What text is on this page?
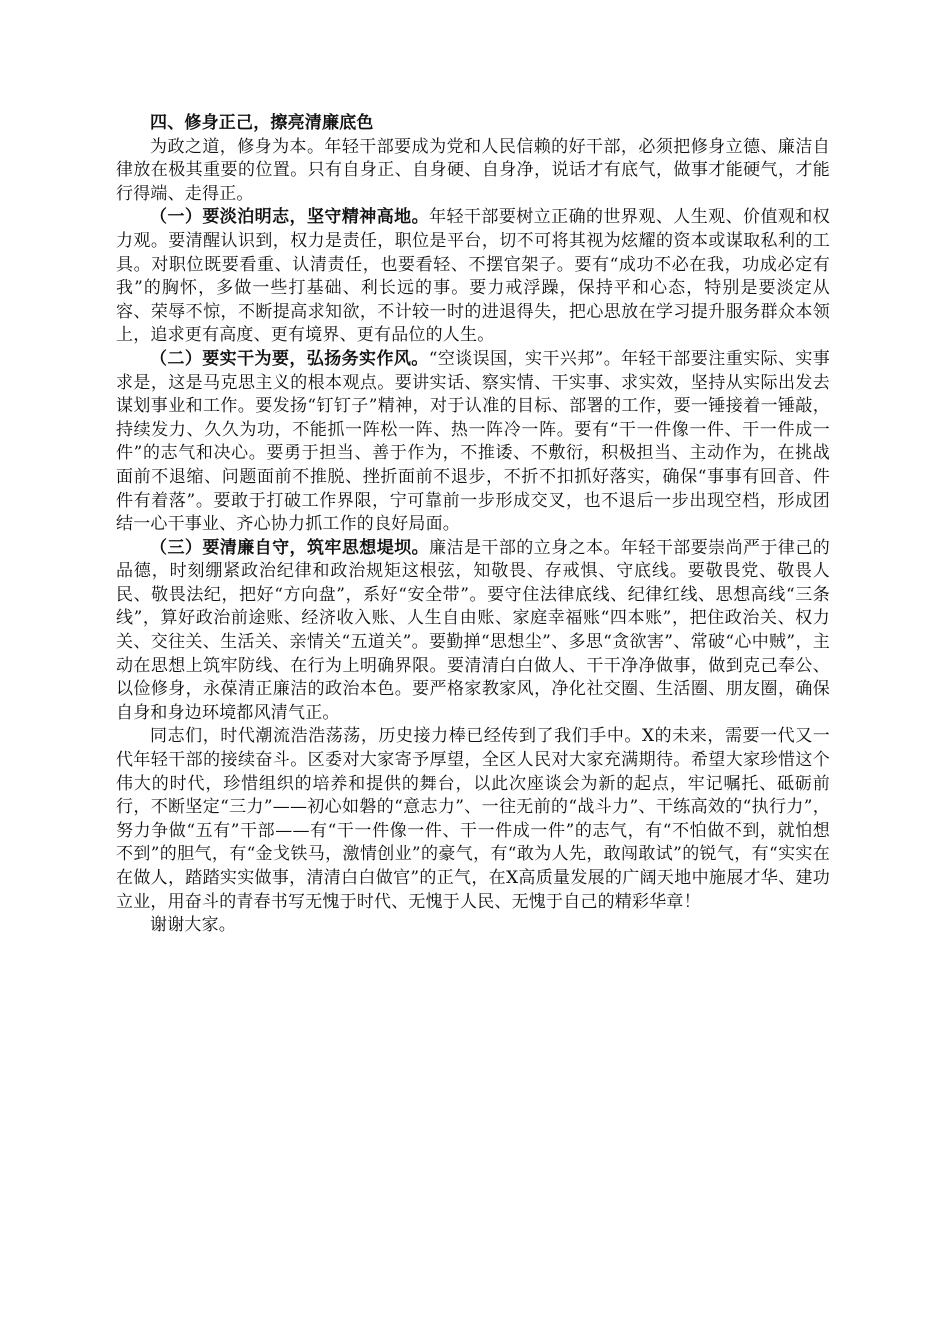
四、修身正己，擦亮清廉底色

为政之道，修身为本。年轻干部要成为党和人民信赖的好干部，必须把修身立德、廉洁自律放在极其重要的位置。只有自身正、自身硬、自身净，说话才有底气，做事才能硬气，才能行得端、走得正。

（一）要淡泊明志，坚守精神高地。年轻干部要树立正确的世界观、人生观、价值观和权力观。要清醒认识到，权力是责任，职位是平台，切不可将其视为炫耀的资本或谋取私利的工具。对职位既要看重、认清责任，也要看轻、不摆官架子。要有“成功不必在我，功成必定有我”的胸怀，多做一些打基础、利长远的事。要力戒浮躁，保持平和心态，特别是要淡定从容、荣辱不惊，不断提高求知欲，不计较一时的进退得失，把心思放在学习提升服务群众本领上，追求更有高度、更有境界、更有品位的人生。

（二）要实干为要，弘扬务实作风。“空谈误国，实干兴邦”。年轻干部要注重实际、实事求是，这是马克思主义的根本观点。要讲实话、察实情、干实事、求实效，坚持从实际出发去谋划事业和工作。要发扬“钉钉子”精神，对于认准的目标、部署的工作，要一锤接着一锤敲，持续发力、久久为功，不能抓一阵松一阵、热一阵冷一阵。要有“干一件像一件、干一件成一件”的志气和决心。要勇于担当、善于作为，不推诿、不敷衍，积极担当、主动作为，在挑战面前不退缩、问题面前不推脱、挫折面前不退步，不折不扣抓好落实，确保“事事有回音、件件有着落”。要敢于打破工作界限，宁可靠前一步形成交叉，也不退后一步出现空档，形成团结一心干事业、齐心协力抓工作的良好局面。

（三）要清廉自守，筑牢思想堤坝。廉洁是干部的立身之本。年轻干部要崇尚严于律己的品德，时刻绷紧政治纪律和政治规矩这根弦，知敬畏、存戒惧、守底线。要敬畏党、敬畏人民、敬畏法纪，把好“方向盘”，系好“安全带”。要守住法律底线、纪律红线、思想高线“三条线”，算好政治前途账、经济收入账、人生自由账、家庭幸福账“四本账”，把住政治关、权力关、交往关、生活关、亲情关“五道关”。要勤掸“思想尘”、多思“贪欲害”、常破“心中贼”，主动在思想上筑牢防线、在行为上明确界限。要清清白白做人、干干净净做事，做到克己奉公、以俭修身，永葆清正廉洁的政治本色。要严格家教家风，净化社交圈、生活圈、朋友圈，确保自身和身边环境都风清气正。

同志们，时代潮流浩浩荡荡，历史接力棒已经传到了我们手中。X的未来，需要一代又一代年轻干部的接续奋斗。区委对大家寄予厚望，全区人民对大家充满期待。希望大家珍惜这个伟大的时代，珍惜组织的培养和提供的舞台，以此次座谈会为新的起点，牢记嘱托、砥砺前行，不断坚定“三力”——初心如磐的“意志力”、一往无前的“战斗力”、干练高效的“执行力”，努力争做“五有”干部——有“干一件像一件、干一件成一件”的志气，有“不怕做不到，就怕想不到”的胆气，有“金戈铁马，激情创业”的豪气，有“敢为人先，敢闯敢试”的锐气，有“实实在在做人，踏踏实实做事，清清白白做官”的正气，在X高质量发展的广阔天地中施展才华、建功立业，用奋斗的青春书写无愧于时代、无愧于人民、无愧于自己的精彩华章！

谢谢大家。
